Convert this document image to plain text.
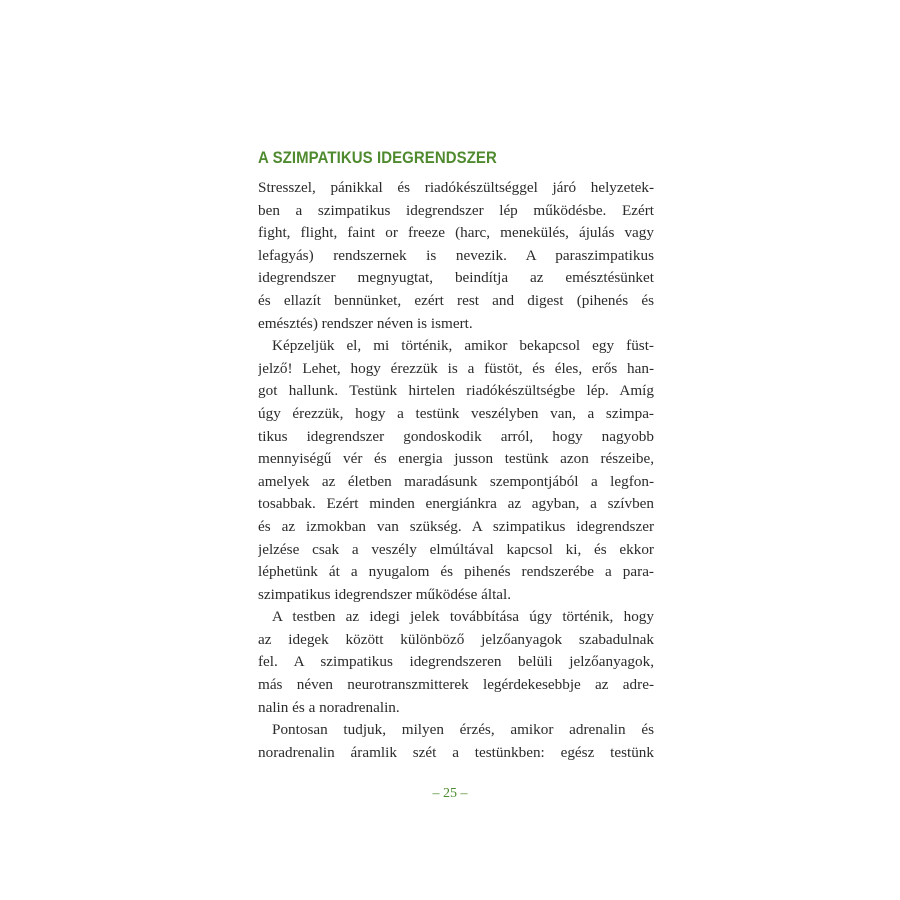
A SZIMPATIKUS IDEGRENDSZER

Stresszel, pánikkal és riadókészültséggel járó helyzetek-
ben a szimpatikus idegrendszer lép működésbe. Ezért
fight, flight, faint or freeze (harc, menekülés, ájulás vagy
lefagyás) rendszernek is nevezik. A paraszimpatikus
idegrendszer megnyugtat, beindítja az emésztésünket
és ellazít bennünket, ezért rest and digest (pihenés és
emésztés) rendszer néven is ismert.

Képzeljük el, mi történik, amikor bekapcsol egy füst-
jelző! Lehet, hogy érezzük is a füstöt, és éles, erős han-
got hallunk. Testünk hirtelen riadókészültségbe lép. Amíg
úgy érezzük, hogy a testünk veszélyben van, a szimpa-
tikus idegrendszer gondoskodik arról, hogy nagyobb
mennyiségű vér és energia jusson testünk azon részeibe,
amelyek az életben maradásunk szempontjából a legfon-
tosabbak. Ezért minden energiánkra az agyban, a szívben
és az izmokban van szükség. A szimpatikus idegrendszer
jelzése csak a veszély elmúltával kapcsol ki, és ekkor
léphetünk át a nyugalom és pihenés rendszerébe a para-
szimpatikus idegrendszer működése által.

A testben az idegi jelek továbbítása úgy történik, hogy
az idegek között különböző jelzőanyagok szabadulnak
fel. A szimpatikus idegrendszeren belüli jelzőanyagok,
más néven neurotranszmitterek legérdekesebbje az adre-
nalin és a noradrenalin.

Pontosan tudjuk, milyen érzés, amikor adrenalin és
noradrenalin áramlik szét a testünkben: egész testünk

– 25 –
